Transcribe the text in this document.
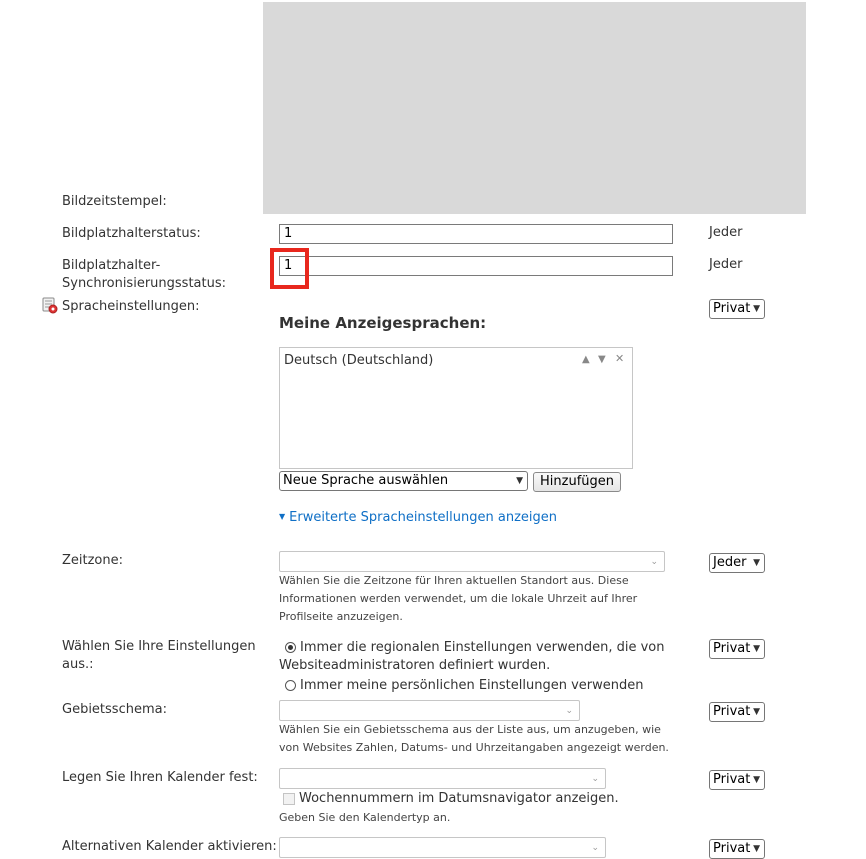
Bildzeitstempel:
Bildplatzhalterstatus:	1	Jeder
Bildplatzhalter-
Synchronisierungsstatus:
1	Jeder
Spracheinstellungen:	Privat ▼
Meine Anzeigesprachen:
Deutsch (Deutschland)	▲ ▼ ✕
Neue Sprache auswählen	▼	Hinzufügen
▼ Erweiterte Spracheinstellungen anzeigen
Zeitzone:	⌄	Jeder ▼
Wählen Sie die Zeitzone für Ihren aktuellen Standort aus. Diese
Informationen werden verwendet, um die lokale Uhrzeit auf Ihrer
Profilseite anzuzeigen.
Wählen Sie Ihre Einstellungen
aus.:
Immer die regionalen Einstellungen verwenden, die von
Websiteadministratoren definiert wurden.
Immer meine persönlichen Einstellungen verwenden
Privat ▼
Gebietsschema:	⌄	Privat ▼
Wählen Sie ein Gebietsschema aus der Liste aus, um anzugeben, wie
von Websites Zahlen, Datums- und Uhrzeitangaben angezeigt werden.
Legen Sie Ihren Kalender fest:	⌄	Privat ▼
Wochennummern im Datumsnavigator anzeigen.
Geben Sie den Kalendertyp an.
Alternativen Kalender aktivieren:	⌄	Privat ▼
